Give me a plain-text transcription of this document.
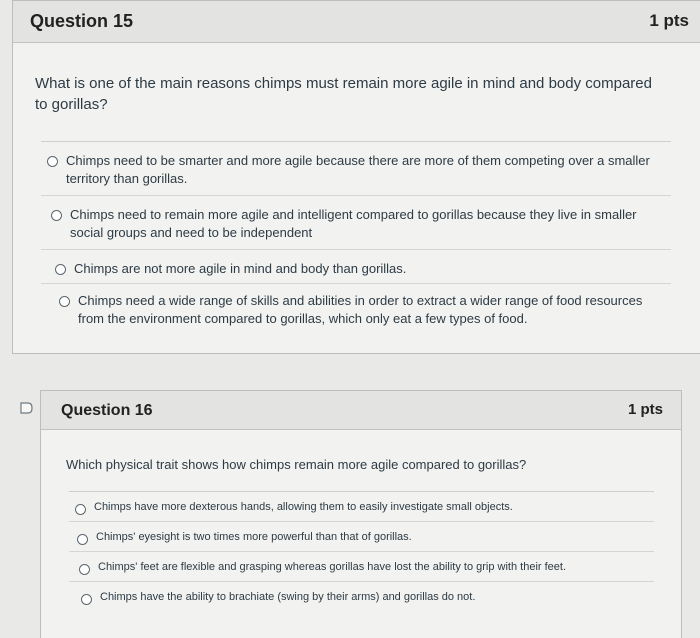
Question 15	1 pts
What is one of the main reasons chimps must remain more agile in mind and body compared to gorillas?
Chimps need to be smarter and more agile because there are more of them competing over a smaller territory than gorillas.
Chimps need to remain more agile and intelligent compared to gorillas because they live in smaller social groups and need to be independent
Chimps are not more agile in mind and body than gorillas.
Chimps need a wide range of skills and abilities in order to extract a wider range of food resources from the environment compared to gorillas, which only eat a few types of food.
Question 16	1 pts
Which physical trait shows how chimps remain more agile compared to gorillas?
Chimps have more dexterous hands, allowing them to easily investigate small objects.
Chimps' eyesight is two times more powerful than that of gorillas.
Chimps' feet are flexible and grasping whereas gorillas have lost the ability to grip with their feet.
Chimps have the ability to brachiate (swing by their arms) and gorillas do not.
